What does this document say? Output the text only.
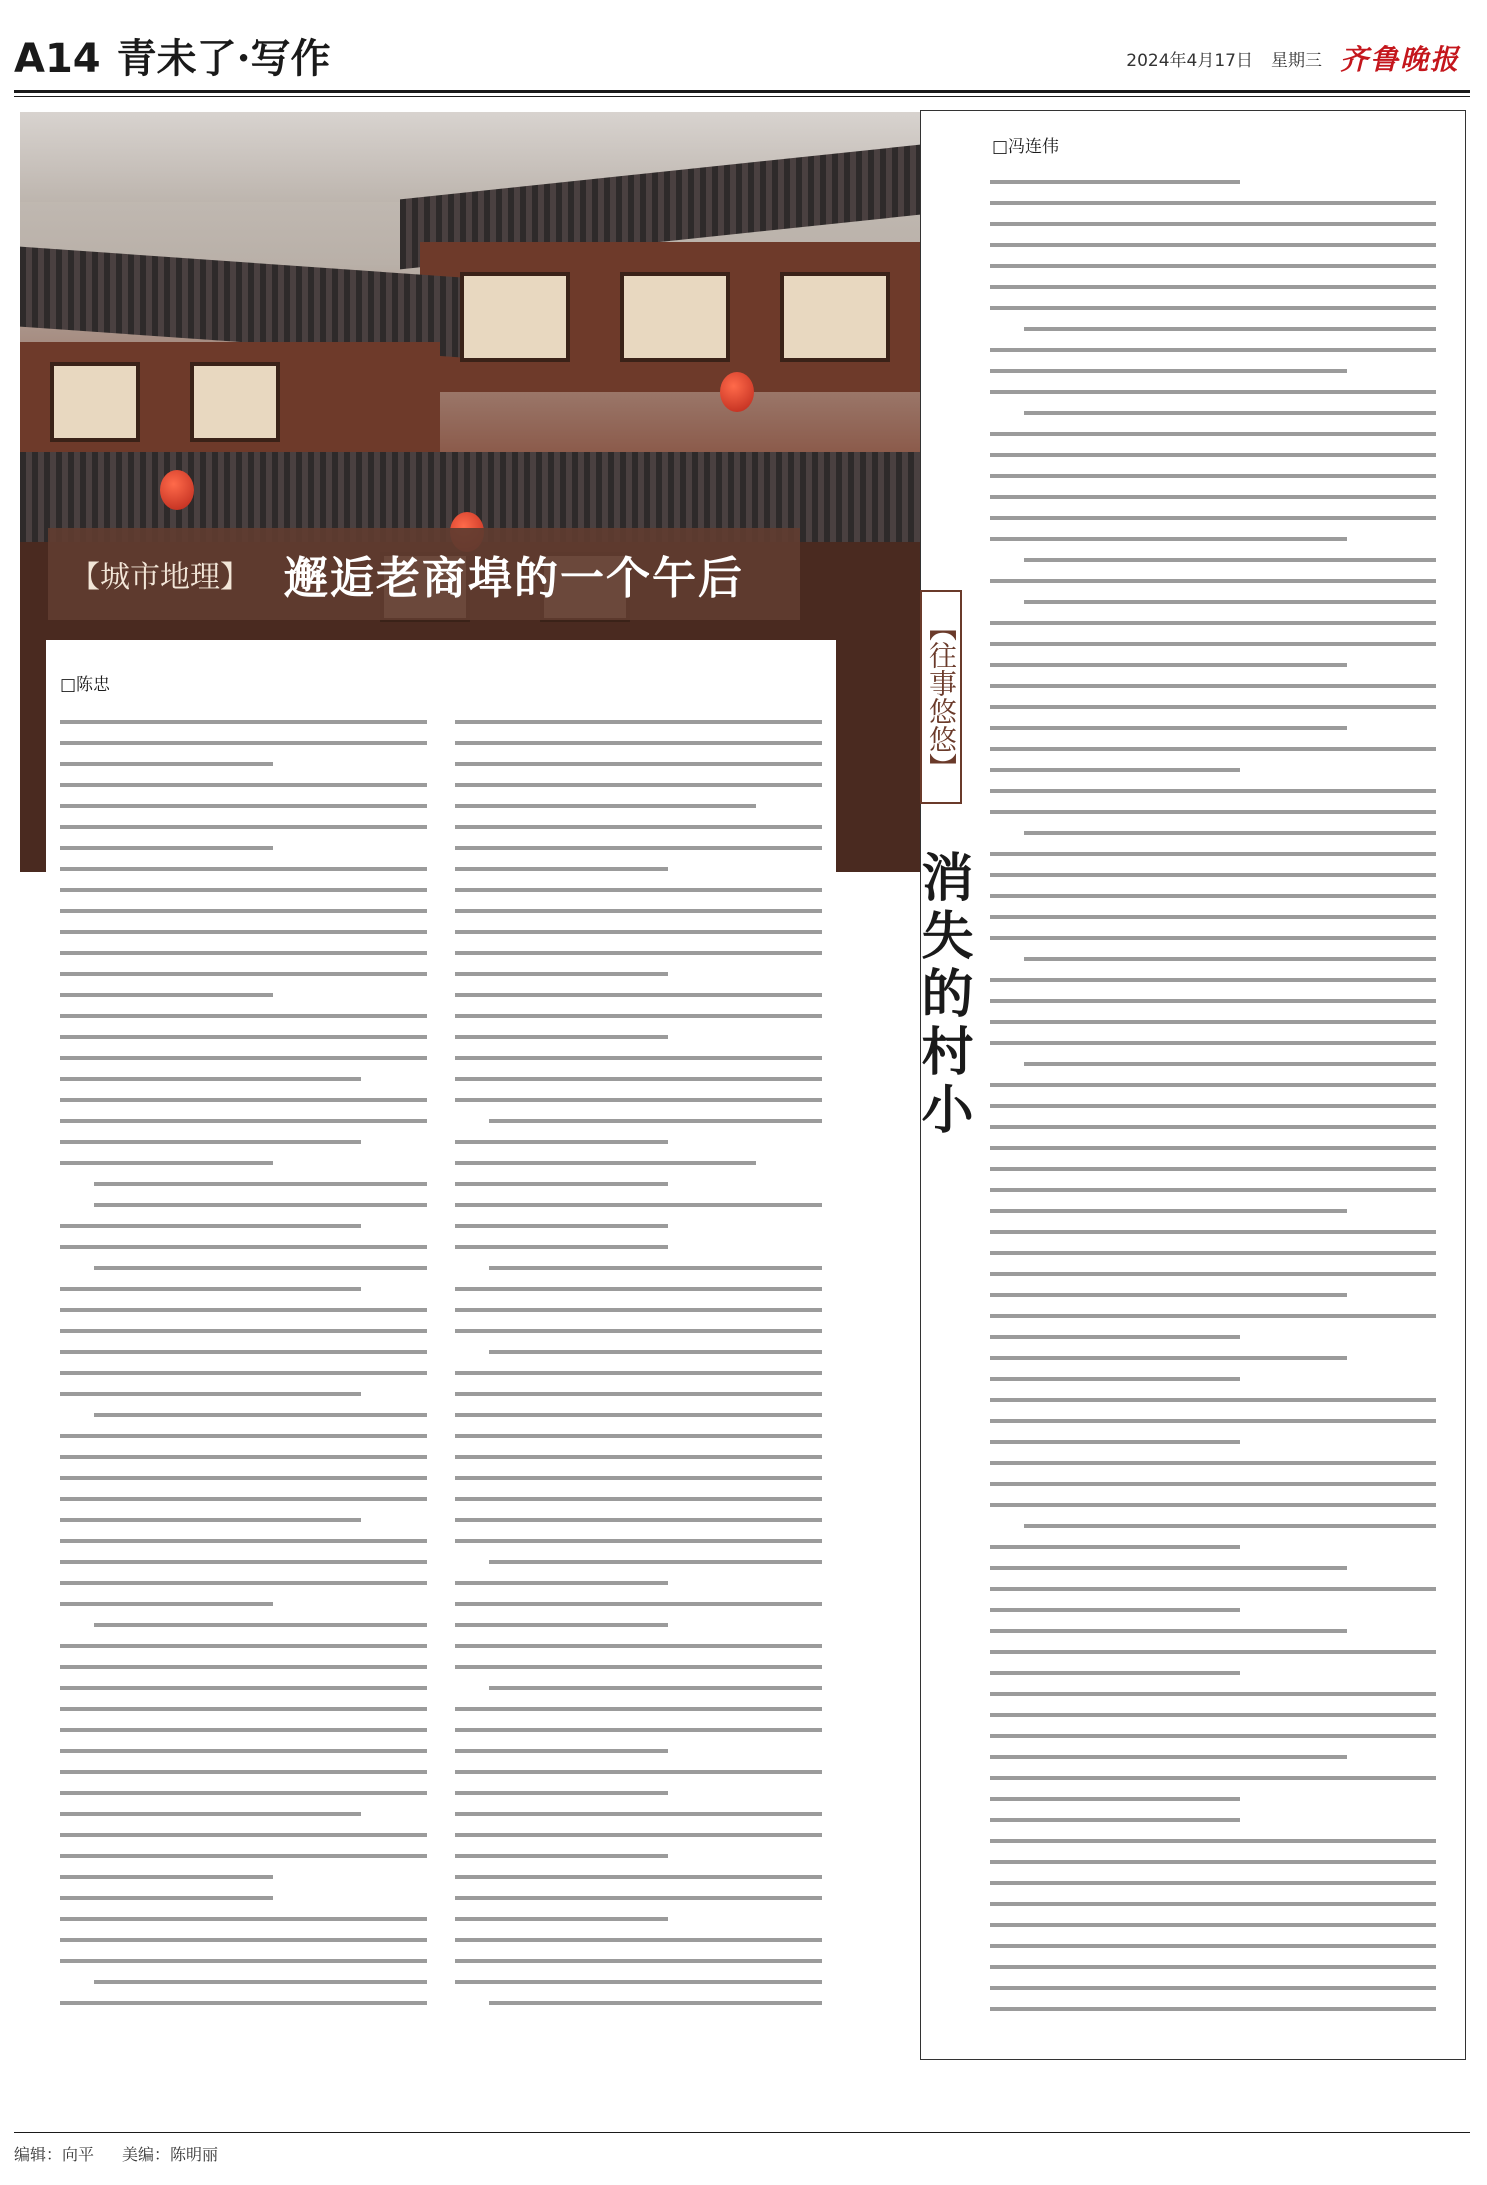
A14 青未了·写作	2024年4月17日 星期三 齐鲁晚报
【城市地理】 邂逅老商埠的一个午后
□陈忠
□冯连伟
【往事悠悠】
消失的村小
编辑：向平 美编：陈明丽
